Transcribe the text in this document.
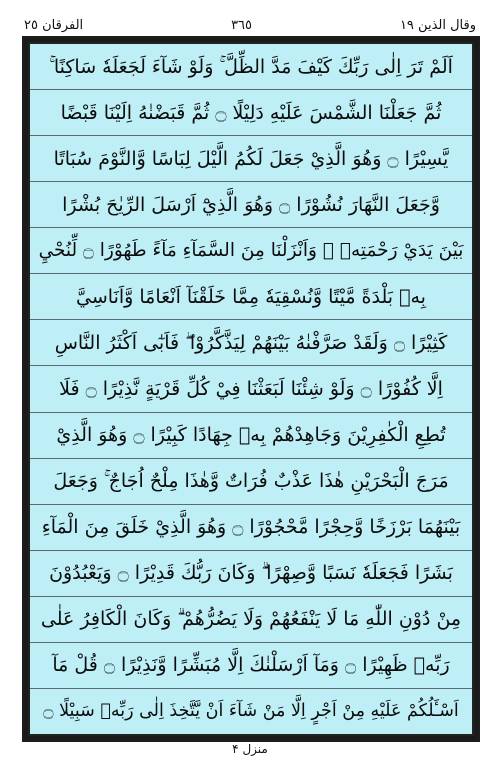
وقال الذين ١٩
٣٦٥
الفرقان ٢٥
اَلَمْ تَرَ اِلٰى رَبِّكَ كَيْفَ مَدَّ الظِّلَّ ۚ وَلَوْ شَآءَ لَجَعَلَهٗ سَاكِنًا ۚ
ثُمَّ جَعَلْنَا الشَّمْسَ عَلَيْهِ دَلِيْلًا ۝ ثُمَّ قَبَضْنٰهُ اِلَيْنَا قَبْضًا
يَّسِيْرًا ۝ وَهُوَ الَّذِيْ جَعَلَ لَكُمُ الَّيْلَ لِبَاسًا وَّالنَّوْمَ سُبَاتًا
وَّجَعَلَ النَّهَارَ نُشُوْرًا ۝ وَهُوَ الَّذِيْٓ اَرْسَلَ الرِّيٰحَ بُشْرًا
بَيْنَ يَدَيْ رَحْمَتِهٖ ۚ وَاَنْزَلْنَا مِنَ السَّمَآءِ مَآءً طَهُوْرًا ۝ لِّنُحْيِ
بِهٖ بَلْدَةً مَّيْتًا وَّنُسْقِيَهٗ مِمَّا خَلَقْنَآ اَنْعَامًا وَّاَنَاسِيَّ
كَثِيْرًا ۝ وَلَقَدْ صَرَّفْنٰهُ بَيْنَهُمْ لِيَذَّكَّرُوْا ۖ فَاَبٰٓى اَكْثَرُ النَّاسِ
اِلَّا كُفُوْرًا ۝ وَلَوْ شِئْنَا لَبَعَثْنَا فِيْ كُلِّ قَرْيَةٍ نَّذِيْرًا ۝ فَلَا
تُطِعِ الْكٰفِرِيْنَ وَجَاهِدْهُمْ بِهٖ جِهَادًا كَبِيْرًا ۝ وَهُوَ الَّذِيْ
مَرَجَ الْبَحْرَيْنِ هٰذَا عَذْبٌ فُرَاتٌ وَّهٰذَا مِلْحٌ اُجَاجٌ ۚ وَجَعَلَ
بَيْنَهُمَا بَرْزَخًا وَّحِجْرًا مَّحْجُوْرًا ۝ وَهُوَ الَّذِيْ خَلَقَ مِنَ الْمَآءِ
بَشَرًا فَجَعَلَهٗ نَسَبًا وَّصِهْرًا ۗ وَكَانَ رَبُّكَ قَدِيْرًا ۝ وَيَعْبُدُوْنَ
مِنْ دُوْنِ اللّٰهِ مَا لَا يَنْفَعُهُمْ وَلَا يَضُرُّهُمْ ۗ وَكَانَ الْكَافِرُ عَلٰى
رَبِّهٖ ظَهِيْرًا ۝ وَمَآ اَرْسَلْنٰكَ اِلَّا مُبَشِّرًا وَّنَذِيْرًا ۝ قُلْ مَآ
اَسْـَٔلُكُمْ عَلَيْهِ مِنْ اَجْرٍ اِلَّا مَنْ شَآءَ اَنْ يَّتَّخِذَ اِلٰى رَبِّهٖ سَبِيْلًا ۝
منزل ۴
